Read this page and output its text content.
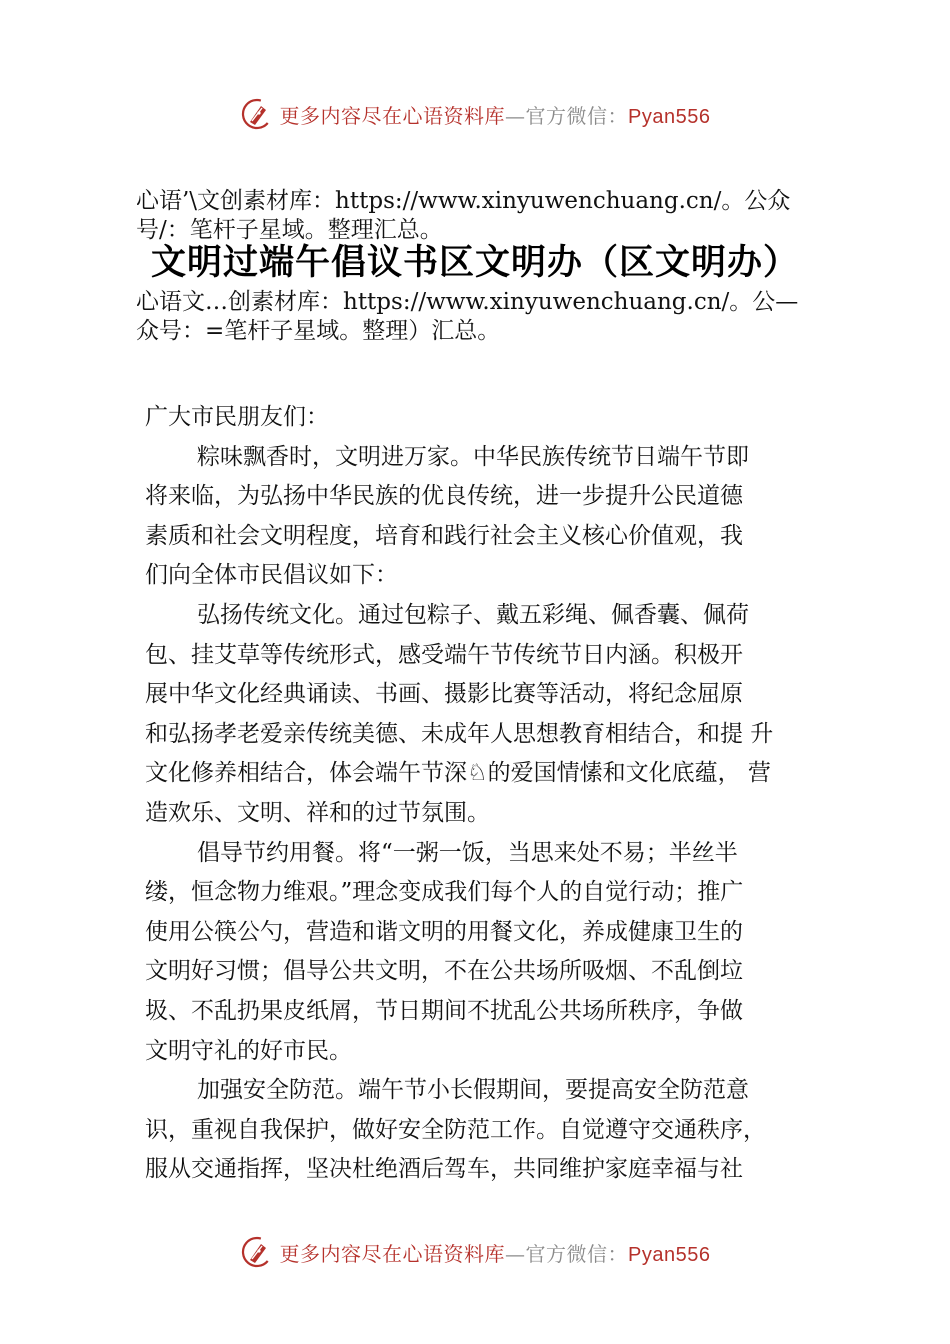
更多内容尽在心语资料库—官方微信：Pyan556
心语’\文创素材库：https://www.xinyuwenchuang.cn/。公众
号/：笔杆子星域。整理汇总。
文明过端午倡议书区文明办（区文明办）
心语文…创素材库：https://www.xinyuwenchuang.cn/。公—
众号：=笔杆子星域。整理）汇总。

广大市民朋友们：

粽味飘香时，文明进万家。中华民族传统节日端午节即
将来临，为弘扬中华民族的优良传统，进一步提升公民道德
素质和社会文明程度，培育和践行社会主义核心价值观，我
们向全体市民倡议如下：

弘扬传统文化。通过包粽子、戴五彩绳、佩香囊、佩荷
包、挂艾草等传统形式，感受端午节传统节日内涵。积极开
展中华文化经典诵读、书画、摄影比赛等活动，将纪念屈原
和弘扬孝老爱亲传统美德、未成年人思想教育相结合，和提 升
文化修养相结合，体会端午节深♘的爱国情愫和文化底蕴， 营
造欢乐、文明、祥和的过节氛围。

倡导节约用餐。将“一粥一饭，当思来处不易；半丝半
缕，恒念物力维艰。”理念变成我们每个人的自觉行动；推广
使用公筷公勺，营造和谐文明的用餐文化，养成健康卫生的
文明好习惯；倡导公共文明，不在公共场所吸烟、不乱倒垃
圾、不乱扔果皮纸屑，节日期间不扰乱公共场所秩序，争做
文明守礼的好市民。

加强安全防范。端午节小长假期间，要提高安全防范意
识，重视自我保护，做好安全防范工作。自觉遵守交通秩序，
服从交通指挥，坚决杜绝酒后驾车，共同维护家庭幸福与社

更多内容尽在心语资料库—官方微信：Pyan556
